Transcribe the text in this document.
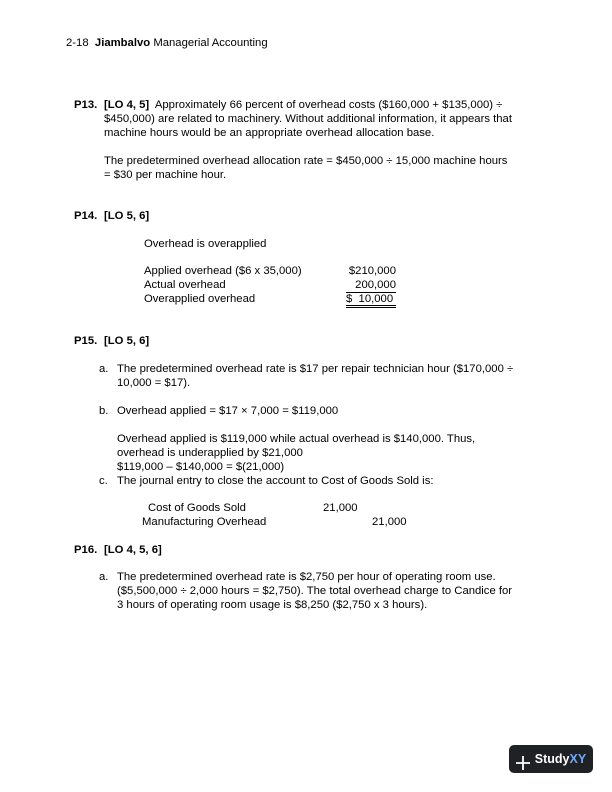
2-18 Jiambalvo Managerial Accounting
P13. [LO 4, 5] Approximately 66 percent of overhead costs ($160,000 + $135,000) ÷
$450,000) are related to machinery. Without additional information, it appears that
machine hours would be an appropriate overhead allocation base.
The predetermined overhead allocation rate = $450,000 ÷ 15,000 machine hours
= $30 per machine hour.
P14. [LO 5, 6]
Overhead is overapplied
Applied overhead ($6 x 35,000)	$210,000
Actual overhead	200,000
Overapplied overhead	$  10,000
P15. [LO 5, 6]
a. The predetermined overhead rate is $17 per repair technician hour ($170,000 ÷
10,000 = $17).
b. Overhead applied = $17 × 7,000 = $119,000
Overhead applied is $119,000 while actual overhead is $140,000. Thus,
overhead is underapplied by $21,000
$119,000 – $140,000 = $(21,000)
c. The journal entry to close the account to Cost of Goods Sold is:
Cost of Goods Sold	21,000
Manufacturing Overhead	21,000
P16. [LO 4, 5, 6]
a. The predetermined overhead rate is $2,750 per hour of operating room use.
($5,500,000 ÷ 2,000 hours = $2,750). The total overhead charge to Candice for
3 hours of operating room usage is $8,250 ($2,750 x 3 hours).
StudyXY
